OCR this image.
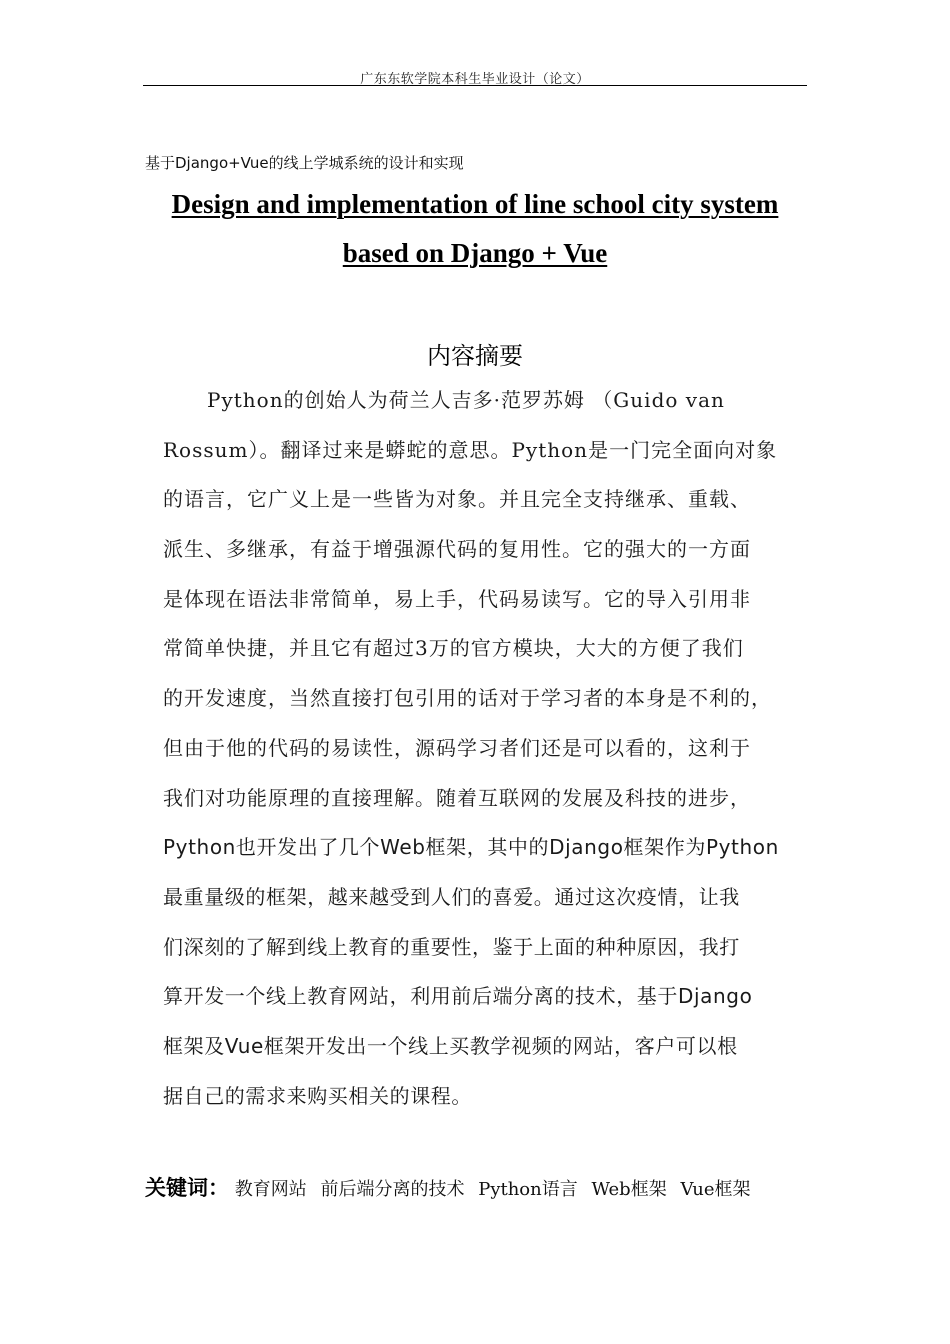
广东东软学院本科生毕业设计（论文）
基于Django+Vue的线上学城系统的设计和实现
Design and implementation of line school city system
based on Django + Vue
内容摘要
Python的创始人为荷兰人吉多·范罗苏姆 （Guido van
Rossum）。翻译过来是蟒蛇的意思。Python是一门完全面向对象
的语言，它广义上是一些皆为对象。并且完全支持继承、重载、
派生、多继承，有益于增强源代码的复用性。它的强大的一方面
是体现在语法非常简单，易上手，代码易读写。它的导入引用非
常简单快捷，并且它有超过3万的官方模块，大大的方便了我们
的开发速度，当然直接打包引用的话对于学习者的本身是不利的，
但由于他的代码的易读性，源码学习者们还是可以看的，这利于
我们对功能原理的直接理解。随着互联网的发展及科技的进步，
Python也开发出了几个Web框架，其中的Django框架作为Python
最重量级的框架，越来越受到人们的喜爱。通过这次疫情，让我
们深刻的了解到线上教育的重要性，鉴于上面的种种原因，我打
算开发一个线上教育网站，利用前后端分离的技术，基于Django
框架及Vue框架开发出一个线上买教学视频的网站，客户可以根
据自己的需求来购买相关的课程。
关键词： 教育网站 前后端分离的技术 Python语言 Web框架 Vue框架
